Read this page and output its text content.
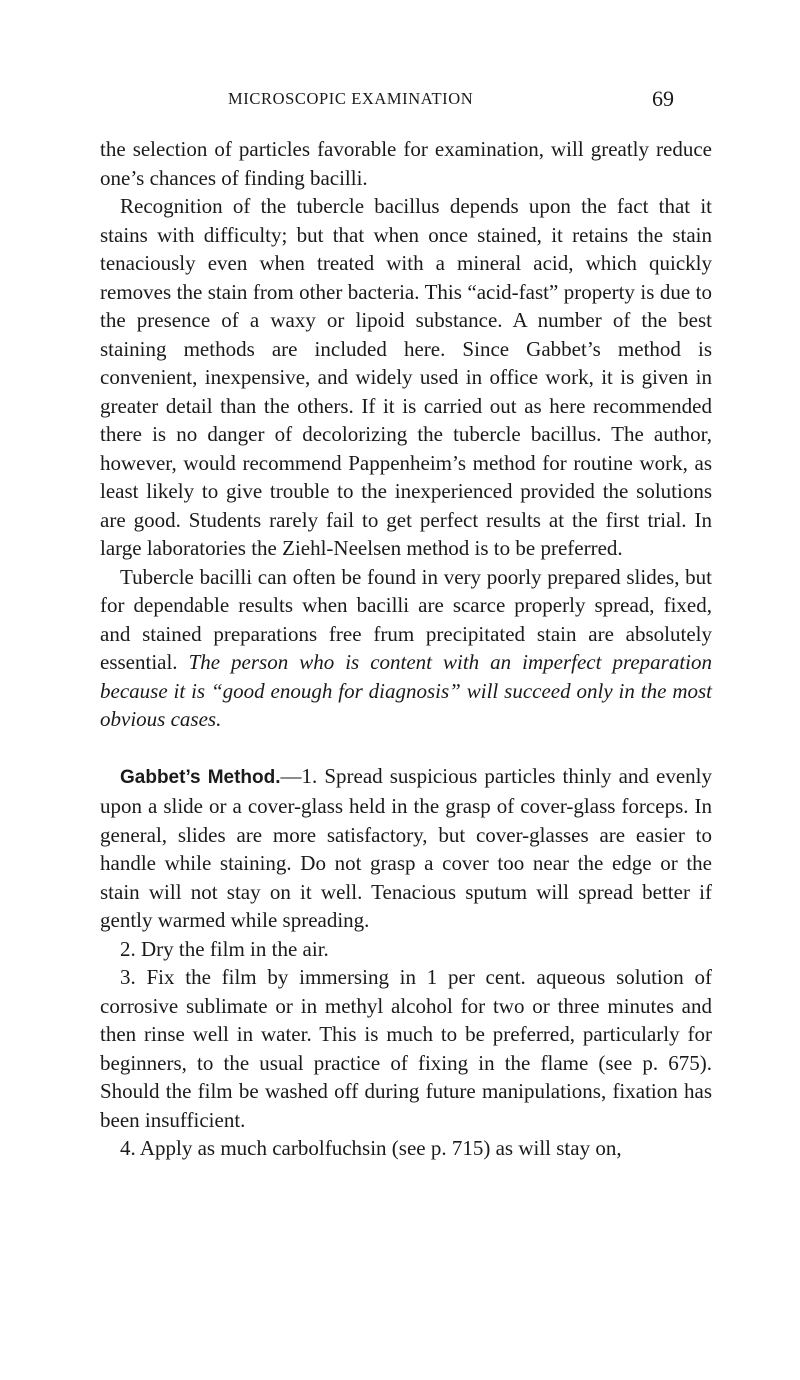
MICROSCOPIC EXAMINATION	69

the selection of particles favorable for examination, will greatly reduce one’s chances of finding bacilli.

Recognition of the tubercle bacillus depends upon the fact that it stains with difficulty; but that when once stained, it retains the stain tenaciously even when treated with a mineral acid, which quickly removes the stain from other bacteria. This “acid-fast” property is due to the presence of a waxy or lipoid substance. A number of the best staining methods are included here. Since Gabbet’s method is convenient, inexpensive, and widely used in office work, it is given in greater detail than the others. If it is carried out as here recommended there is no danger of decolorizing the tubercle bacillus. The author, however, would recommend Pappenheim’s method for routine work, as least likely to give trouble to the inexperienced provided the solutions are good. Students rarely fail to get perfect results at the first trial. In large laboratories the Ziehl-Neelsen method is to be preferred.

Tubercle bacilli can often be found in very poorly prepared slides, but for dependable results when bacilli are scarce properly spread, fixed, and stained preparations free frum precipitated stain are absolutely essential. The person who is content with an imperfect preparation because it is “good enough for diagnosis” will succeed only in the most obvious cases.

Gabbet’s Method.—1. Spread suspicious particles thinly and evenly upon a slide or a cover-glass held in the grasp of cover-glass forceps. In general, slides are more satisfactory, but cover-glasses are easier to handle while staining. Do not grasp a cover too near the edge or the stain will not stay on it well. Tenacious sputum will spread better if gently warmed while spreading.

2. Dry the film in the air.

3. Fix the film by immersing in 1 per cent. aqueous solution of corrosive sublimate or in methyl alcohol for two or three minutes and then rinse well in water. This is much to be preferred, particularly for beginners, to the usual practice of fixing in the flame (see p. 675). Should the film be washed off during future manipulations, fixation has been insufficient.

4. Apply as much carbolfuchsin (see p. 715) as will stay on,
